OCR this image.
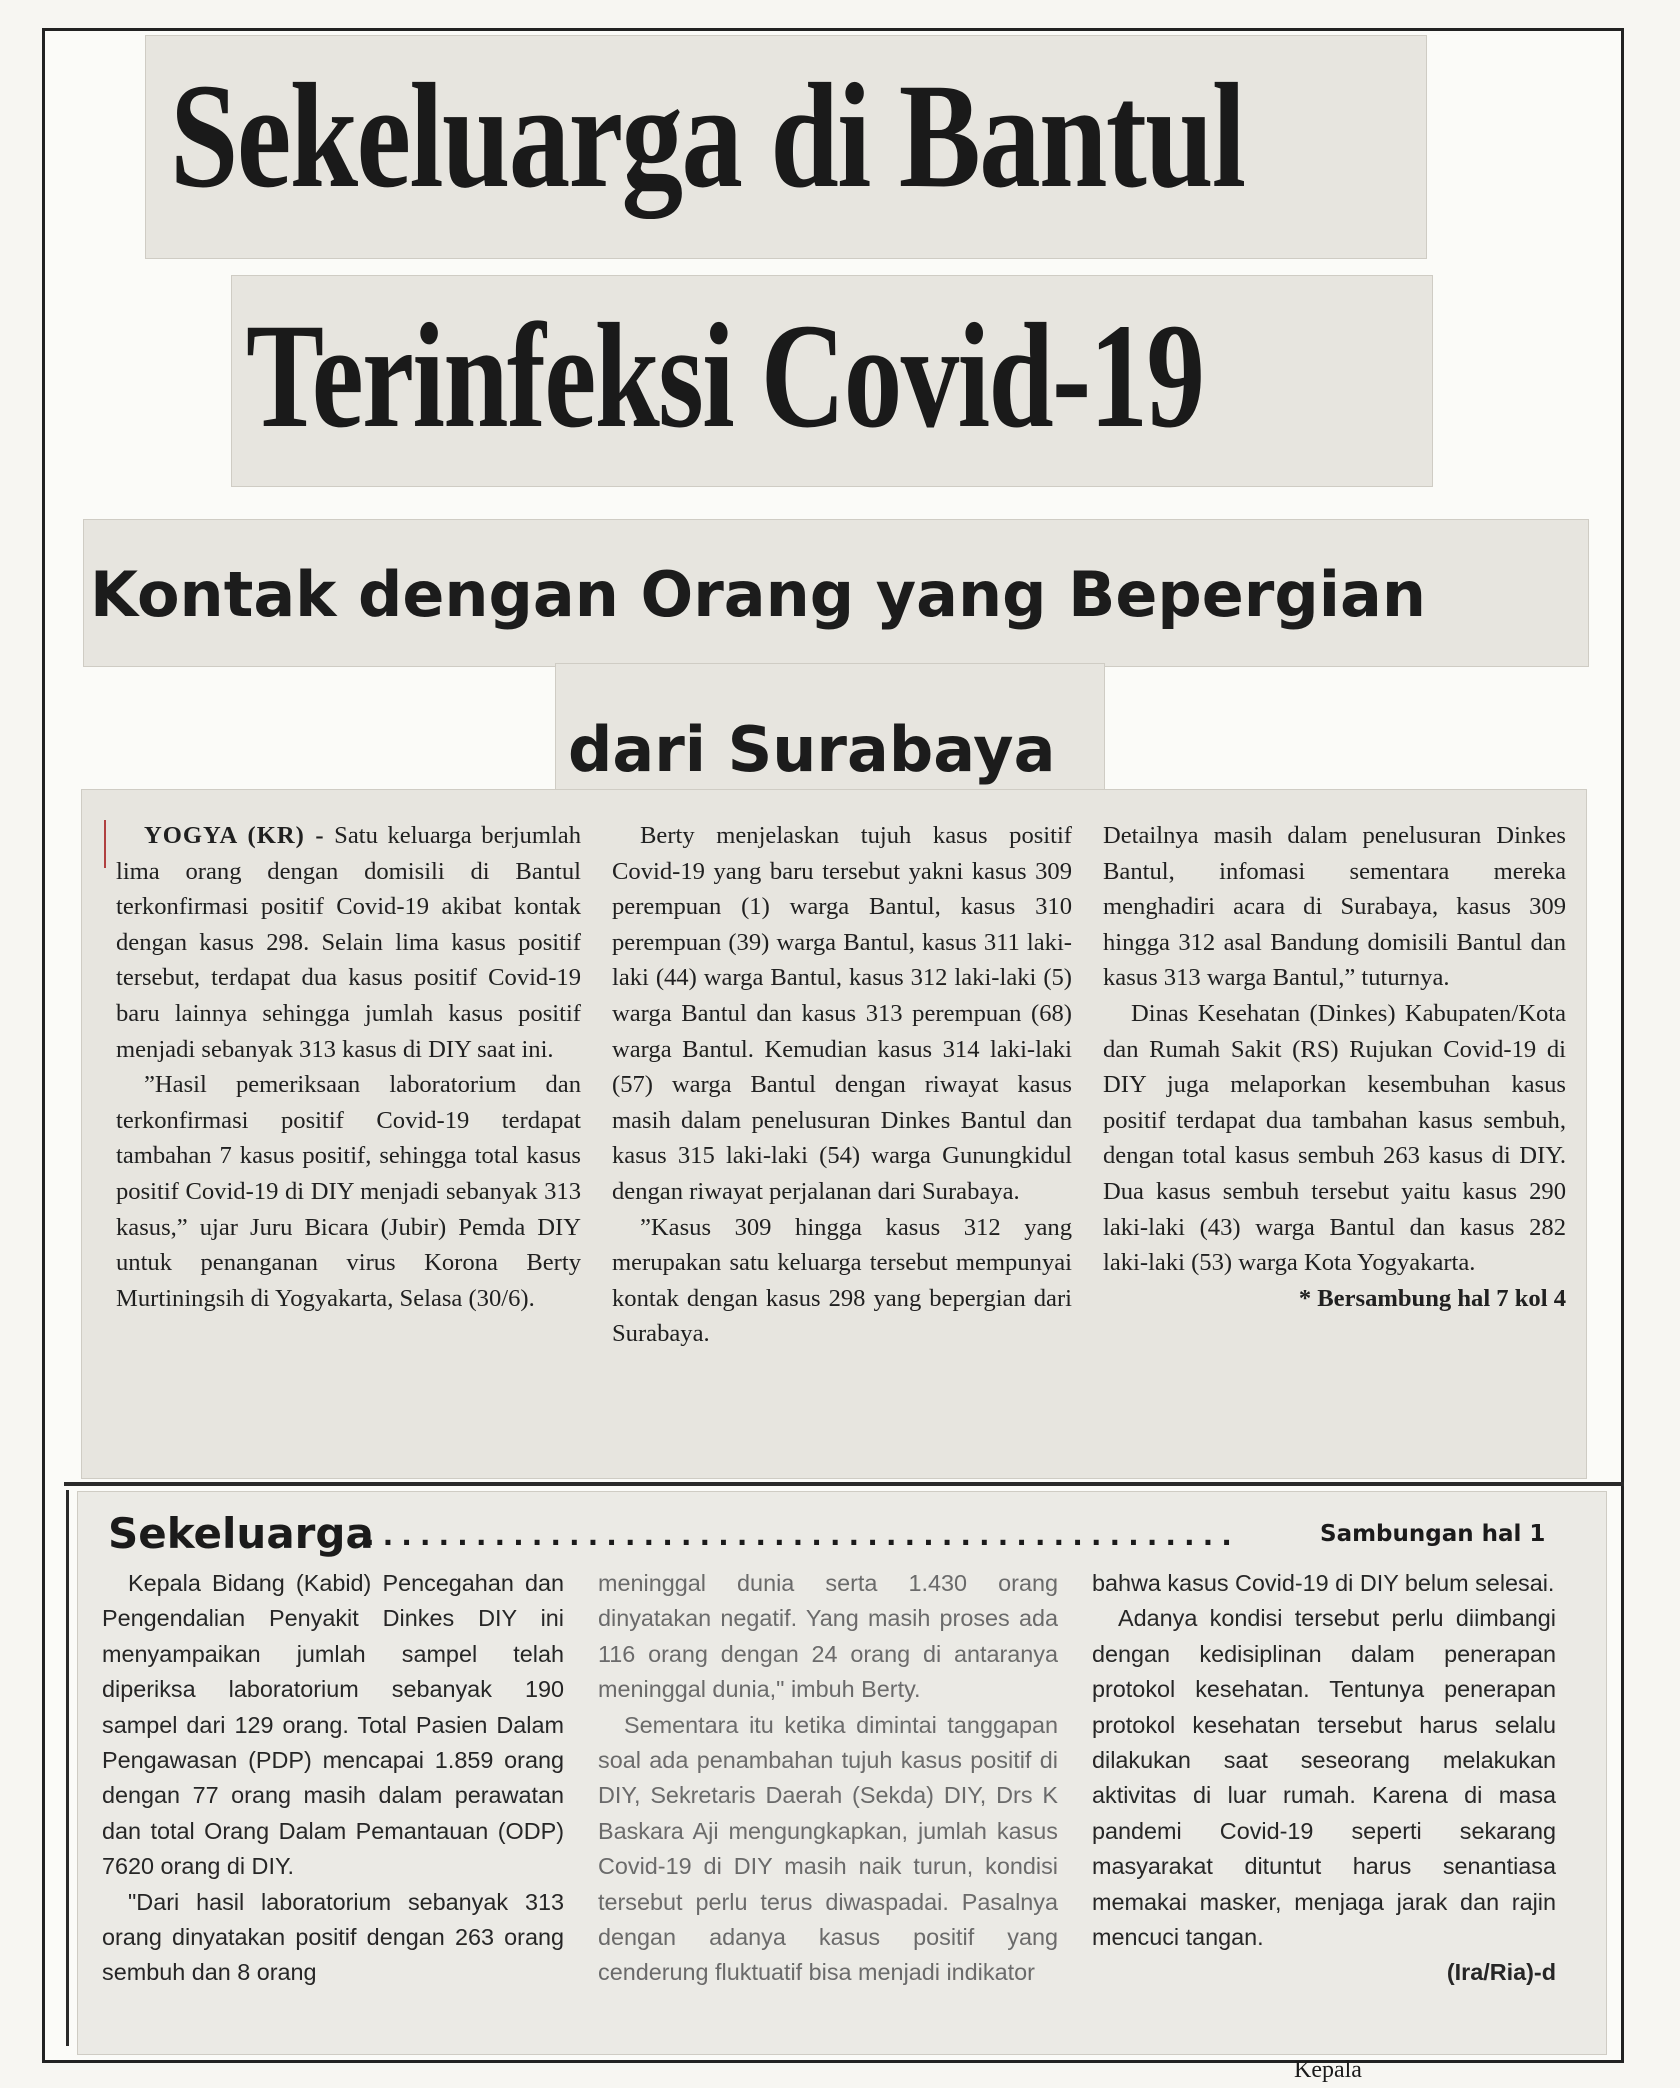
Sekeluarga di Bantul
Terinfeksi Covid-19
Kontak dengan Orang yang Bepergian
dari Surabaya

YOGYA (KR) - Satu keluarga berjumlah lima orang dengan domisili di Bantul terkonfirmasi positif Covid-19 akibat kontak dengan kasus 298. Selain lima kasus positif tersebut, terdapat dua kasus positif Covid-19 baru lainnya sehingga jumlah kasus positif menjadi sebanyak 313 kasus di DIY saat ini.

”Hasil pemeriksaan laboratorium dan terkonfirmasi positif Covid-19 terdapat tambahan 7 kasus positif, sehingga total kasus positif Covid-19 di DIY menjadi sebanyak 313 kasus,” ujar Juru Bicara (Jubir) Pemda DIY untuk penanganan virus Korona Berty Murtiningsih di Yogyakarta, Selasa (30/6).

Berty menjelaskan tujuh kasus positif Covid-19 yang baru tersebut yakni kasus 309 perempuan (1) warga Bantul, kasus 310 perempuan (39) warga Bantul, kasus 311 laki-laki (44) warga Bantul, kasus 312 laki-laki (5) warga Bantul dan kasus 313 perempuan (68) warga Bantul. Kemudian kasus 314 laki-laki (57) warga Bantul dengan riwayat kasus masih dalam penelusuran Dinkes Bantul dan kasus 315 laki-laki (54) warga Gunungkidul dengan riwayat perjalanan dari Surabaya.

”Kasus 309 hingga kasus 312 yang merupakan satu keluarga tersebut mempunyai kontak dengan kasus 298 yang bepergian dari Surabaya.

Detailnya masih dalam penelusuran Dinkes Bantul, infomasi sementara mereka menghadiri acara di Surabaya, kasus 309 hingga 312 asal Bandung domisili Bantul dan kasus 313 warga Bantul,” tuturnya.

Dinas Kesehatan (Dinkes) Kabupaten/Kota dan Rumah Sakit (RS) Rujukan Covid-19 di DIY juga melaporkan kesembuhan kasus positif terdapat dua tambahan kasus sembuh, dengan total kasus sembuh 263 kasus di DIY. Dua kasus sembuh tersebut yaitu kasus 290 laki-laki (43) warga Bantul dan kasus 282 laki-laki (53) warga Kota Yogyakarta.

* Bersambung hal 7 kol 4

Sekeluarga
...............................................	Sambungan hal 1

Kepala Bidang (Kabid) Pencegahan dan Pengendalian Penyakit Dinkes DIY ini menyampaikan jumlah sampel telah diperiksa laboratorium sebanyak 190 sampel dari 129 orang. Total Pasien Dalam Pengawasan (PDP) mencapai 1.859 orang dengan 77 orang masih dalam perawatan dan total Orang Dalam Pemantauan (ODP) 7620 orang di DIY.

"Dari hasil laboratorium sebanyak 313 orang dinyatakan positif dengan 263 orang sembuh dan 8 orang

meninggal dunia serta 1.430 orang dinyatakan negatif. Yang masih proses ada 116 orang dengan 24 orang di antaranya meninggal dunia," imbuh Berty.

Sementara itu ketika dimintai tanggapan soal ada penambahan tujuh kasus positif di DIY, Sekretaris Daerah (Sekda) DIY, Drs K Baskara Aji mengungkapkan, jumlah kasus Covid-19 di DIY masih naik turun, kondisi tersebut perlu terus diwaspadai. Pasalnya dengan adanya kasus positif yang cenderung fluktuatif bisa menjadi indikator

bahwa kasus Covid-19 di DIY belum selesai.

Adanya kondisi tersebut perlu diimbangi dengan kedisiplinan dalam penerapan protokol kesehatan. Tentunya penerapan protokol kesehatan tersebut harus selalu dilakukan saat seseorang melakukan aktivitas di luar rumah. Karena di masa pandemi Covid-19 seperti sekarang masyarakat dituntut harus senantiasa memakai masker, menjaga jarak dan rajin mencuci tangan.

(Ira/Ria)-d

Kepala
